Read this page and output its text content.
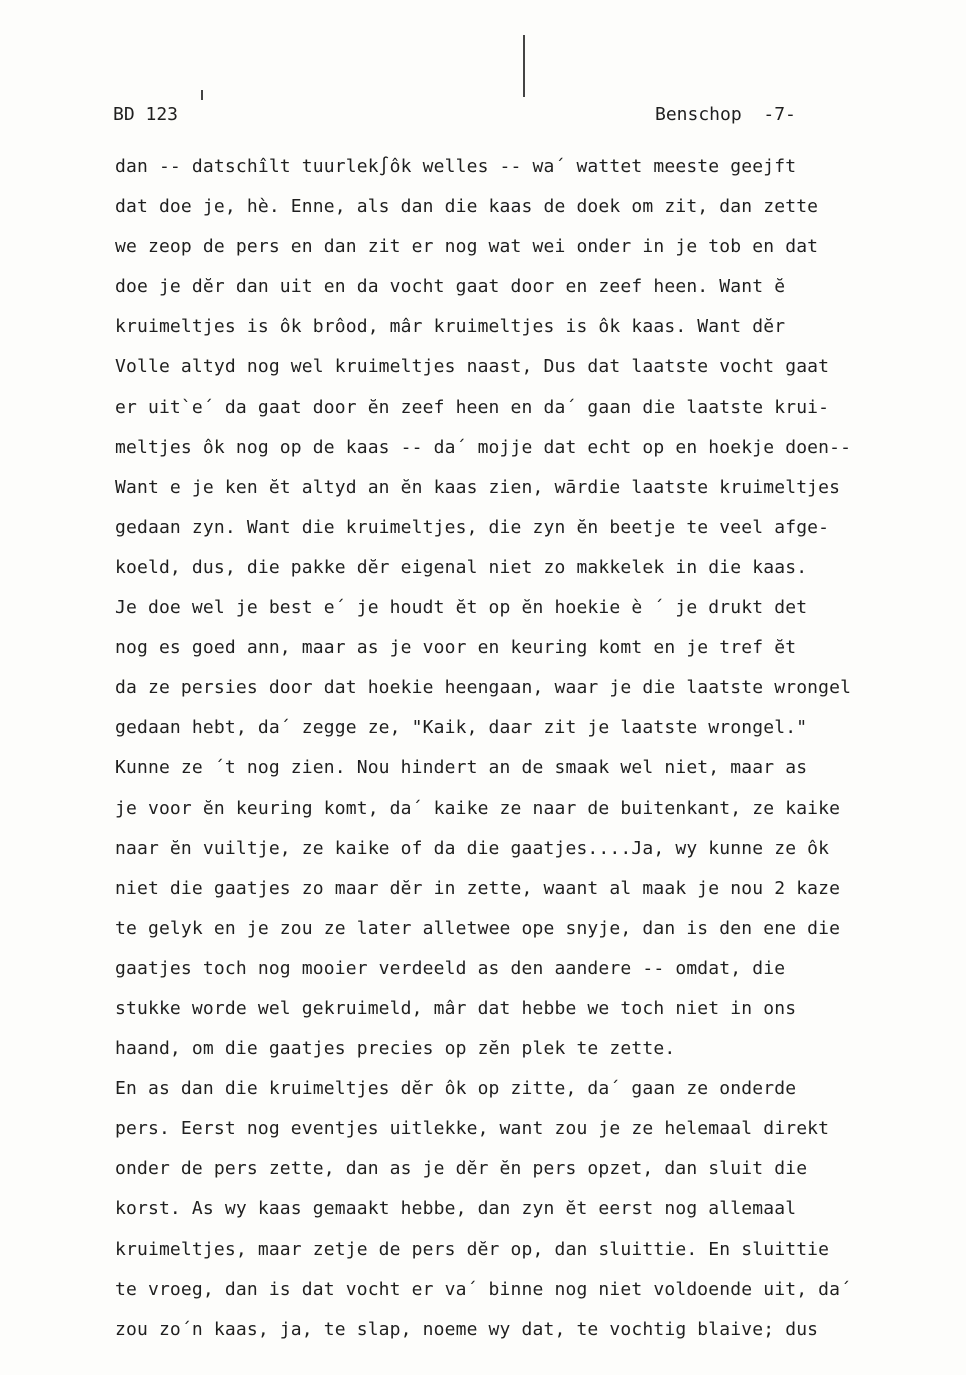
BD 123	Benschop  -7-
dan -- datschîlt tuurlek∫ôk welles -- wa´ wattet meeste geejft
dat doe je, hè. Enne, als dan die kaas de doek om zit, dan zette
we zeop de pers en dan zit er nog wat wei onder in je tob en dat
doe je dĕr dan uit en da vocht gaat door en zeef heen. Want ĕ
kruimeltjes is ôk brôod, mâr kruimeltjes is ôk kaas. Want dĕr
Volle altyd nog wel kruimeltjes naast, Dus dat laatste vocht gaat
er uit`e´ da gaat door ĕn zeef heen en da´ gaan die laatste krui-
meltjes ôk nog op de kaas -- da´ mojje dat echt op en hoekje doen--
Want e je ken ĕt altyd an ĕn kaas zien, wārdie laatste kruimeltjes
gedaan zyn. Want die kruimeltjes, die zyn ĕn beetje te veel afge-
koeld, dus, die pakke dĕr eigenal niet zo makkelek in die kaas.
Je doe wel je best e´ je houdt ĕt op ĕn hoekie è ´ je drukt det
nog es goed ann, maar as je voor en keuring komt en je tref ĕt
da ze persies door dat hoekie heengaan, waar je die laatste wrongel
gedaan hebt, da´ zegge ze, "Kaik, daar zit je laatste wrongel."
Kunne ze ´t nog zien. Nou hindert an de smaak wel niet, maar as
je voor ĕn keuring komt, da´ kaike ze naar de buitenkant, ze kaike
naar ĕn vuiltje, ze kaike of da die gaatjes....Ja, wy kunne ze ôk
niet die gaatjes zo maar dĕr in zette, waant al maak je nou 2 kaze
te gelyk en je zou ze later alletwee ope snyje, dan is den ene die
gaatjes toch nog mooier verdeeld as den aandere -- omdat, die
stukke worde wel gekruimeld, mâr dat hebbe we toch niet in ons
haand, om die gaatjes precies op zĕn plek te zette.
En as dan die kruimeltjes dĕr ôk op zitte, da´ gaan ze onderde
pers. Eerst nog eventjes uitlekke, want zou je ze helemaal direkt
onder de pers zette, dan as je dĕr ĕn pers opzet, dan sluit die
korst. As wy kaas gemaakt hebbe, dan zyn ĕt eerst nog allemaal
kruimeltjes, maar zetje de pers dĕr op, dan sluittie. En sluittie
te vroeg, dan is dat vocht er va´ binne nog niet voldoende uit, da´
zou zo´n kaas, ja, te slap, noeme wy dat, te vochtig blaive; dus
